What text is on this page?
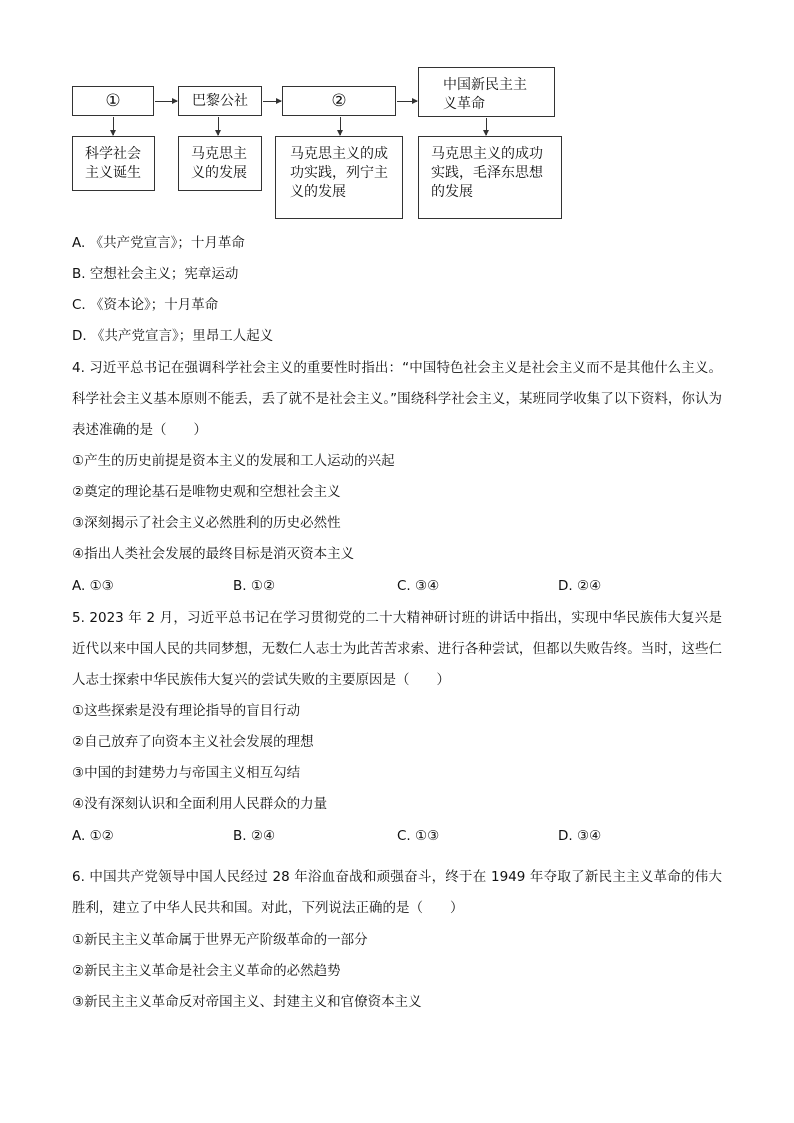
①	巴黎公社	②
中国新民主主义革命
科学社会主义诞生
马克思主义的发展
马克思主义的成功实践，列宁主义的发展
马克思主义的成功实践，毛泽东思想的发展
A. 《共产党宣言》；十月革命
B. 空想社会主义；宪章运动
C. 《资本论》；十月革命
D. 《共产党宣言》；里昂工人起义
4. 习近平总书记在强调科学社会主义的重要性时指出：“中国特色社会主义是社会主义而不是其他什么主义。科学社会主义基本原则不能丢，丢了就不是社会主义。”围绕科学社会主义，某班同学收集了以下资料，你认为表述准确的是（　　）
①产生的历史前提是资本主义的发展和工人运动的兴起
②奠定的理论基石是唯物史观和空想社会主义
③深刻揭示了社会主义必然胜利的历史必然性
④指出人类社会发展的最终目标是消灭资本主义
A. ①③	B. ①②	C. ③④	D. ②④
5. 2023 年 2 月，习近平总书记在学习贯彻党的二十大精神研讨班的讲话中指出，实现中华民族伟大复兴是近代以来中国人民的共同梦想，无数仁人志士为此苦苦求索、进行各种尝试，但都以失败告终。当时，这些仁人志士探索中华民族伟大复兴的尝试失败的主要原因是（　　）
①这些探索是没有理论指导的盲目行动
②自己放弃了向资本主义社会发展的理想
③中国的封建势力与帝国主义相互勾结
④没有深刻认识和全面利用人民群众的力量
A. ①②	B. ②④	C. ①③	D. ③④
6. 中国共产党领导中国人民经过 28 年浴血奋战和顽强奋斗，终于在 1949 年夺取了新民主主义革命的伟大胜利，建立了中华人民共和国。对此，下列说法正确的是（　　）
①新民主主义革命属于世界无产阶级革命的一部分
②新民主主义革命是社会主义革命的必然趋势
③新民主主义革命反对帝国主义、封建主义和官僚资本主义
